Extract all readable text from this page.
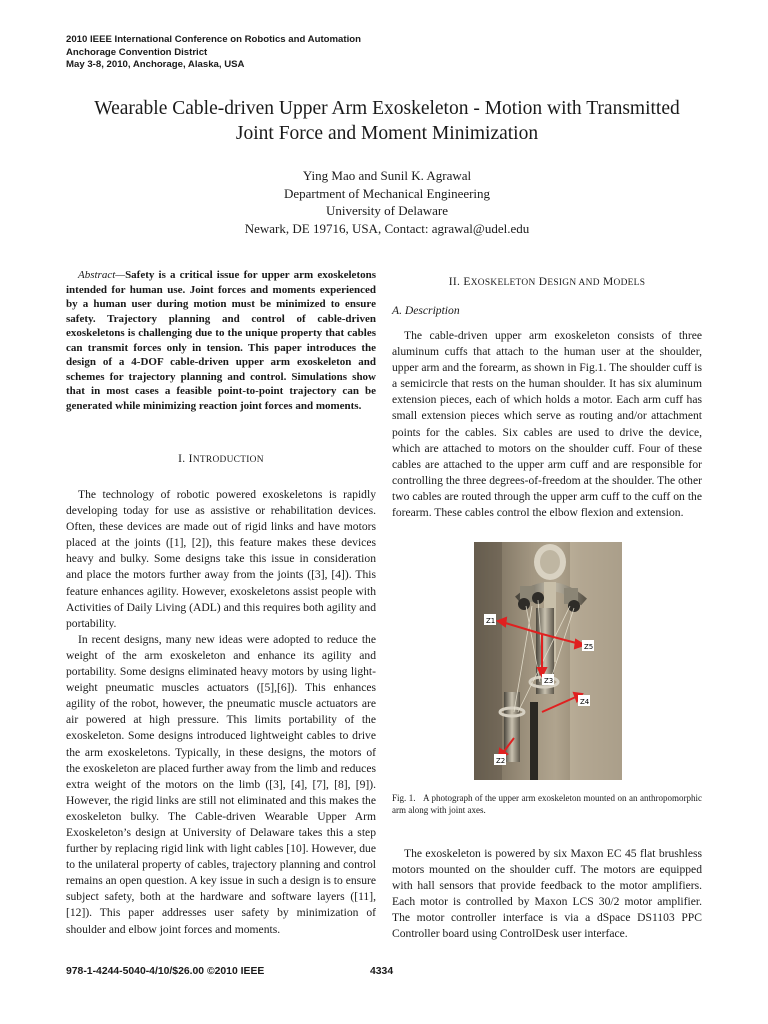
2010 IEEE International Conference on Robotics and Automation
Anchorage Convention District
May 3-8, 2010, Anchorage, Alaska, USA
Wearable Cable-driven Upper Arm Exoskeleton - Motion with Transmitted
Joint Force and Moment Minimization
Ying Mao and Sunil K. Agrawal
Department of Mechanical Engineering
University of Delaware
Newark, DE 19716, USA, Contact: agrawal@udel.edu
Abstract—Safety is a critical issue for upper arm exoskeletons intended for human use. Joint forces and moments experienced by a human user during motion must be minimized to ensure safety. Trajectory planning and control of cable-driven exoskeletons is challenging due to the unique property that cables can transmit forces only in tension. This paper introduces the design of a 4-DOF cable-driven upper arm exoskeleton and schemes for trajectory planning and control. Simulations show that in most cases a feasible point-to-point trajectory can be generated while minimizing reaction joint forces and moments.
I. INTRODUCTION

The technology of robotic powered exoskeletons is rapidly developing today for use as assistive or rehabilitation devices. Often, these devices are made out of rigid links and have motors placed at the joints ([1], [2]), this feature makes these devices heavy and bulky. Some designs take this issue in consideration and place the motors further away from the joints ([3], [4]). This feature enhances agility. However, exoskeletons assist people with Activities of Daily Living (ADL) and this requires both agility and portability.

In recent designs, many new ideas were adopted to reduce the weight of the arm exoskeleton and enhance its agility and portability. Some designs eliminated heavy motors by using light-weight pneumatic muscles actuators ([5],[6]). This enhances agility of the robot, however, the pneumatic muscle actuators are air powered at high pressure. This limits portability of the exoskeleton. Some designs introduced lightweight cables to drive the arm exoskeletons. Typically, in these designs, the motors of the exoskeleton are placed further away from the limb and reduces extra weight of the motors on the limb ([3], [4], [7], [8], [9]). However, the rigid links are still not eliminated and this makes the exoskeleton bulky. The Cable-driven Wearable Upper Arm Exoskeleton’s design at University of Delaware takes this a step further by replacing rigid link with light cables [10]. However, due to the unilateral property of cables, trajectory planning and control remains an open question. A key issue in such a design is to ensure subject safety, both at the hardware and software layers ([11], [12]). This paper addresses user safety by minimization of shoulder and elbow joint forces and moments.

II. EXOSKELETON DESIGN AND MODELS
A. Description

The cable-driven upper arm exoskeleton consists of three aluminum cuffs that attach to the human user at the shoulder, upper arm and the forearm, as shown in Fig.1. The shoulder cuff is a semicircle that rests on the human shoulder. It has six aluminum extension pieces, each of which holds a motor. Each arm cuff has small extension pieces which serve as routing and/or attachment points for the cables. Six cables are used to drive the device, which are attached to motors on the shoulder cuff. Four of these cables are attached to the upper arm cuff and are responsible for controlling the three degrees-of-freedom at the shoulder. The other two cables are routed through the upper arm cuff to the cuff on the forearm. These cables control the elbow flexion and extension.

Z1
Z5
Z3
Z4
Z2
Fig. 1. A photograph of the upper arm exoskeleton mounted on an anthropomorphic arm along with joint axes.

The exoskeleton is powered by six Maxon EC 45 flat brushless motors mounted on the shoulder cuff. The motors are equipped with hall sensors that provide feedback to the motor amplifiers. Each motor is controlled by Maxon LCS 30/2 motor amplifier. The motor controller interface is via a dSpace DS1103 PPC Controller board using ControlDesk user interface.

978-1-4244-5040-4/10/$26.00 ©2010 IEEE	4334
